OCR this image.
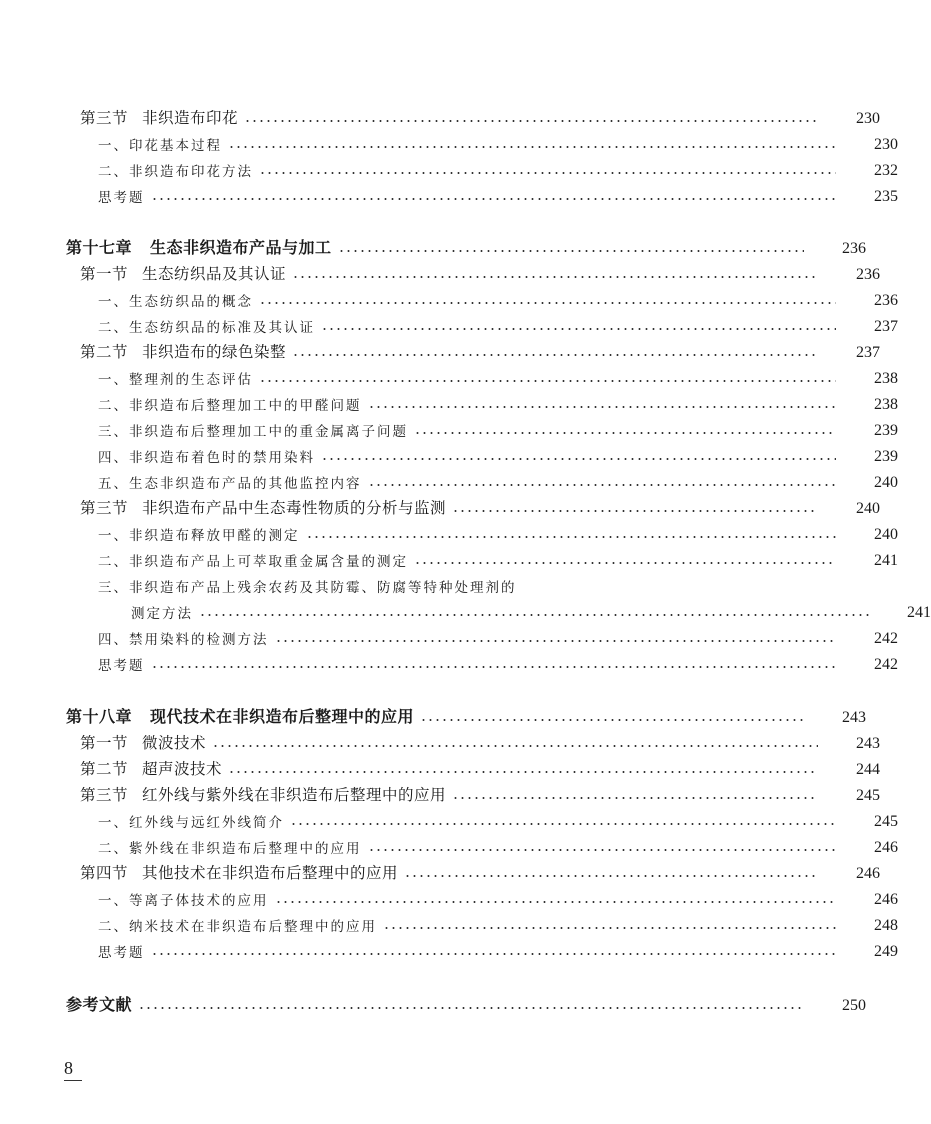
第三节 非织造布印花	230
一、印花基本过程	230
二、非织造布印花方法	232
思考题	235
第十七章 生态非织造布产品与加工	236
第一节 生态纺织品及其认证	236
一、生态纺织品的概念	236
二、生态纺织品的标准及其认证	237
第二节 非织造布的绿色染整	237
一、整理剂的生态评估	238
二、非织造布后整理加工中的甲醛问题	238
三、非织造布后整理加工中的重金属离子问题	239
四、非织造布着色时的禁用染料	239
五、生态非织造布产品的其他监控内容	240
第三节 非织造布产品中生态毒性物质的分析与监测	240
一、非织造布释放甲醛的测定	240
二、非织造布产品上可萃取重金属含量的测定	241
三、非织造布产品上残余农药及其防霉、防腐等特种处理剂的
测定方法	241
四、禁用染料的检测方法	242
思考题	242
第十八章 现代技术在非织造布后整理中的应用	243
第一节 微波技术	243
第二节 超声波技术	244
第三节 红外线与紫外线在非织造布后整理中的应用	245
一、红外线与远红外线简介	245
二、紫外线在非织造布后整理中的应用	246
第四节 其他技术在非织造布后整理中的应用	246
一、等离子体技术的应用	246
二、纳米技术在非织造布后整理中的应用	248
思考题	249
参考文献	250
8
